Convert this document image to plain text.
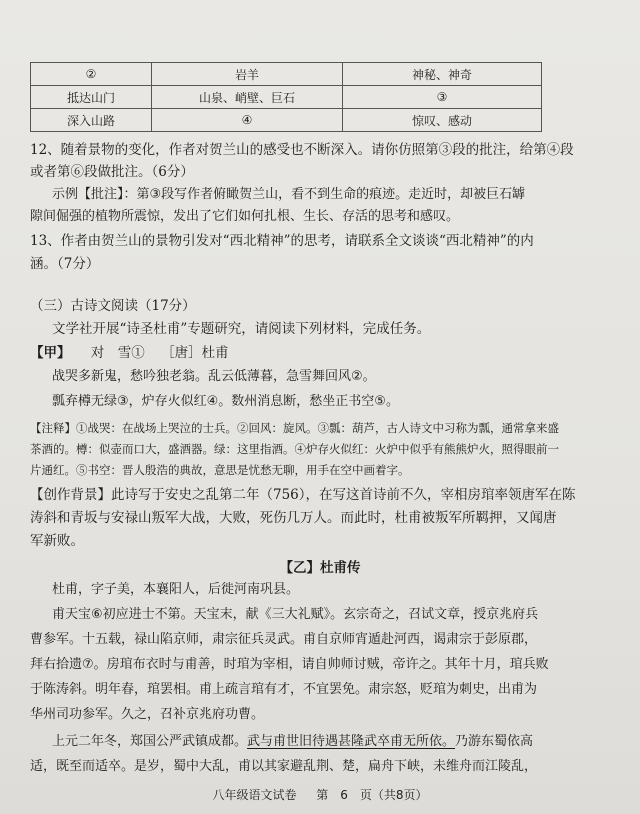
②	岩羊	神秘、神奇
抵达山门	山泉、峭壁、巨石	③
深入山路	④	惊叹、感动
12、随着景物的变化，作者对贺兰山的感受也不断深入。请你仿照第③段的批注，给第④段
或者第⑥段做批注。（6分）
示例【批注】：第③段写作者俯瞰贺兰山，看不到生命的痕迹。走近时，却被巨石罅
隙间倔强的植物所震惊，发出了它们如何扎根、生长、存活的思考和感叹。
13、作者由贺兰山的景物引发对“西北精神”的思考，请联系全文谈谈“西北精神”的内
涵。（7分）
（三）古诗文阅读（17分）
文学社开展“诗圣杜甫”专题研究，请阅读下列材料，完成任务。
【甲】 对　雪① ［唐］杜甫
战哭多新鬼，愁吟独老翁。乱云低薄暮，急雪舞回风②。
瓢弃樽无绿③，炉存火似红④。数州消息断，愁坐正书空⑤。
【注释】①战哭：在战场上哭泣的士兵。②回风：旋风。③瓢：葫芦，古人诗文中习称为瓢，通常拿来盛
茶酒的。樽：似壶而口大，盛酒器。绿：这里指酒。④炉存火似红：火炉中似乎有熊熊炉火，照得眼前一
片通红。⑤书空：晋人殷浩的典故，意思是忧愁无聊，用手在空中画着字。
【创作背景】此诗写于安史之乱第二年（756），在写这首诗前不久，宰相房琯率领唐军在陈
涛斜和青坂与安禄山叛军大战，大败，死伤几万人。而此时，杜甫被叛军所羁押，又闻唐
军新败。
【乙】杜甫传
杜甫，字子美，本襄阳人，后徙河南巩县。
甫天宝⑥初应进士不第。天宝末，献《三大礼赋》。玄宗奇之，召试文章，授京兆府兵
曹参军。十五载，禄山陷京师，肃宗征兵灵武。甫自京师宵遁赴河西，谒肃宗于彭原郡，
拜右拾遗⑦。房琯布衣时与甫善，时琯为宰相，请自帅师讨贼，帝许之。其年十月，琯兵败
于陈涛斜。明年春，琯罢相。甫上疏言琯有才，不宜罢免。肃宗怒，贬琯为刺史，出甫为
华州司功参军。久之，召补京兆府功曹。
上元二年冬，郑国公严武镇成都。武与甫世旧待遇甚隆武卒甫无所依。乃游东蜀依高
适，既至而适卒。是岁，蜀中大乱，甫以其家避乱荆、楚，扁舟下峡，未维舟而江陵乱，
八年级语文试卷 第　6　页（共8页）
